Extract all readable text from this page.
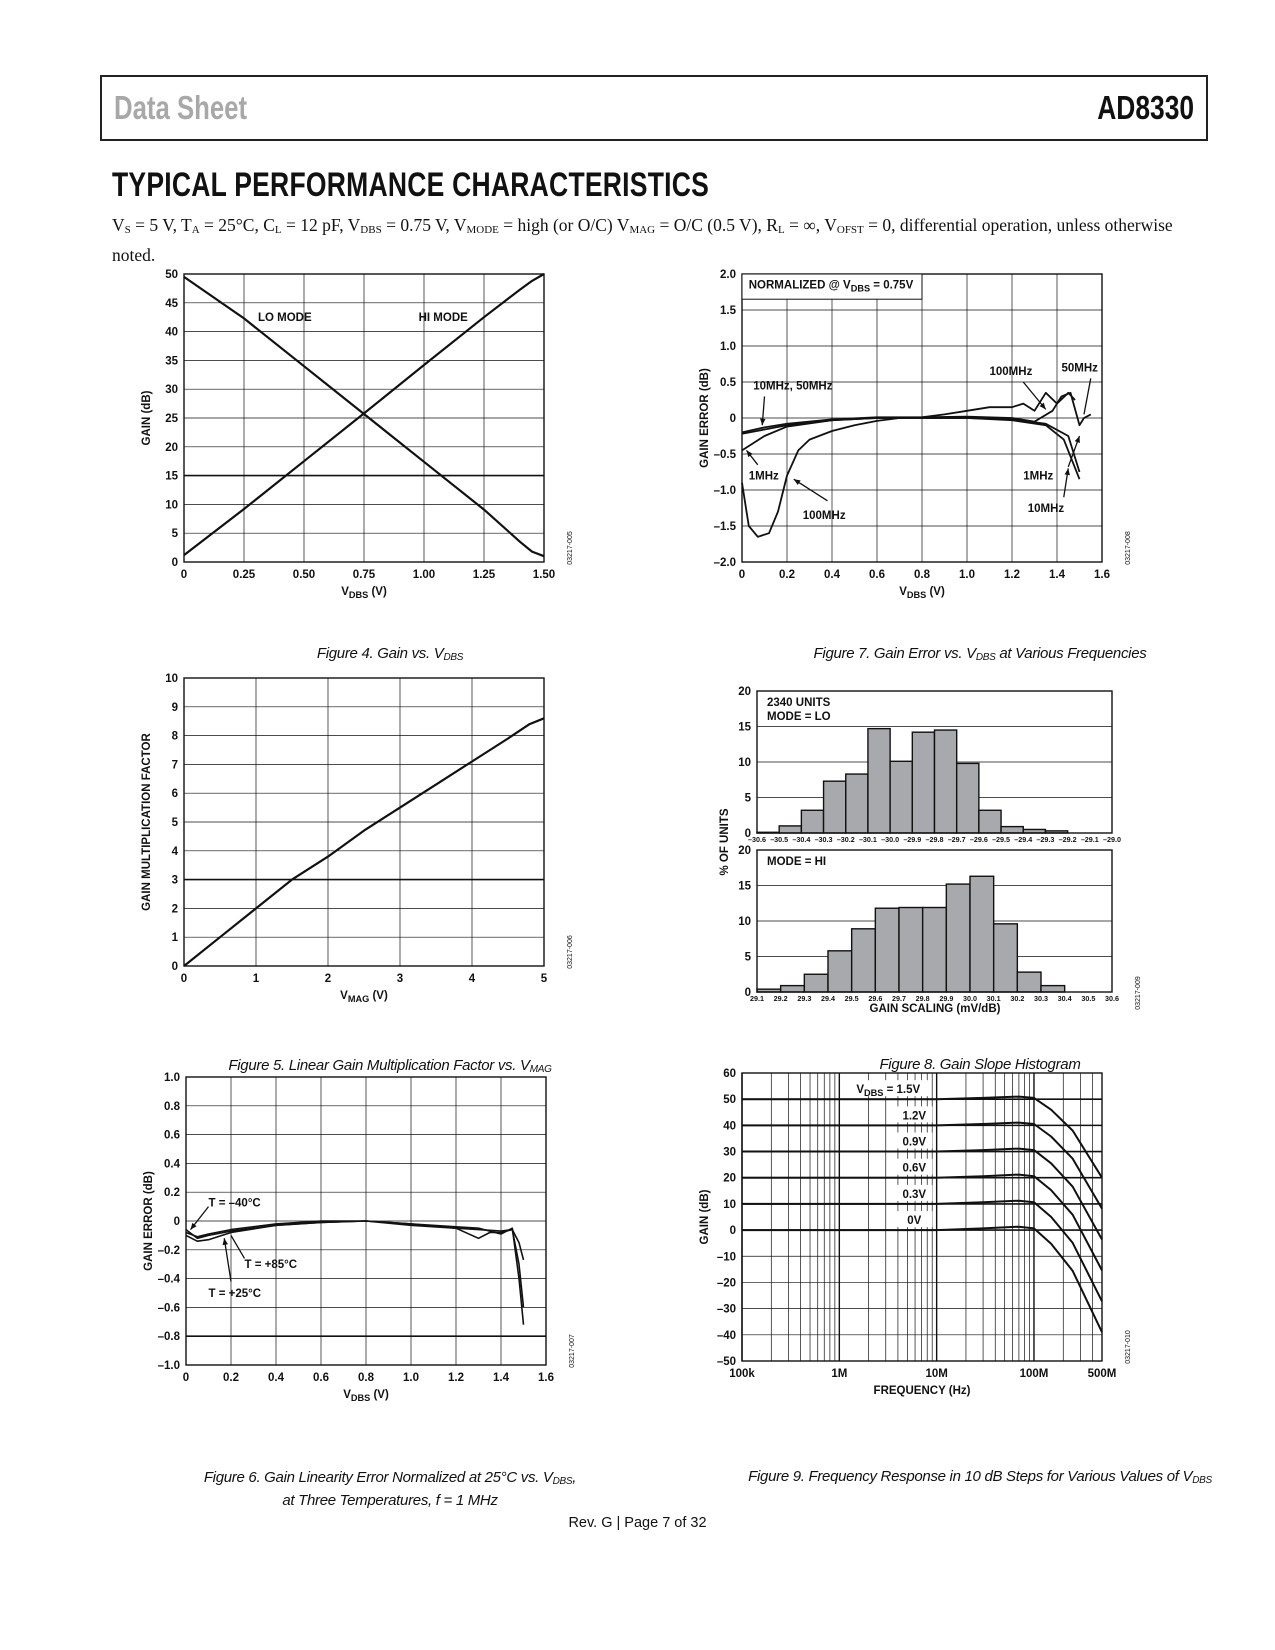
Data Sheet	AD8330
TYPICAL PERFORMANCE CHARACTERISTICS
$V_S = 5$ V, $T_A = 25^\circ C$, $C_L = 12$ pF, $V_{DBS} = 0.75$ V, $V_{MODE}$ = high (or O/C) $V_{MAG} = O/C$ (0.5 V), $R_L$ = ∞, $V_{OFST} = 0$, differential operation, unless otherwise noted.
0	0.25	0.50	0.75	1.00	1.25	1.50
0
5
10
15
20
25
30
35
40
45
50
$V_{DBS}$ (V)
GAIN (dB)
03217-005
LO MODE	HI MODE
0	1	2	3	4	5
0
1
2
3
4
5
6
7
8
9
10
$V_{MAG}$ (V)
GAIN MULTIPLICATION FACTOR
03217-006
0	0.2	0.4	0.6	0.8	1.0	1.2	1.4	1.6
–1.0
–0.8
–0.6
–0.4
–0.2
0
0.2
0.4
0.6
0.8
1.0
$V_{DBS}$ (V)
GAIN ERROR (dB)
03217-007
T = –40°C
T = +85°C
T = +25°C
0	0.2	0.4	0.6	0.8	1.0	1.2	1.4	1.6
–2.0
–1.5
–1.0
–0.5
0
0.5
1.0
1.5
2.0
$V_{DBS}$ (V)
GAIN ERROR (dB)
03217-008
NORMALIZED @ $V_{DBS} = 0.75V$
10MHz, 50MHz
1MHz
100MHz
100MHz	50MHz
1MHz
10MHz
0
5
10
15
20
–30.6 –30.5 –30.4 –30.3 –30.2 –30.1 –30.0 –29.9 –29.8 –29.7 –29.6 –29.5 –29.4 –29.3 –29.2 –29.1 –29.0
2340 UNITS
MODE = LO
0
5
10
15
20
29.1 29.2 29.3 29.4 29.5 29.6 29.7 29.8 29.9 30.0 30.1 30.2 30.3 30.4 30.5 30.6
MODE = HI
% OF UNITS
GAIN SCALING (mV/dB)	03217-009
100k	1M	10M	100M	500M
–50
–40
–30
–20
–10
0
10
20
30
40
50
60
FREQUENCY (Hz)
GAIN (dB)
03217-010
$V_{DBS} = 1.5V$
1.2V
0.9V
0.6V
0.3V
0V
Figure 4. Gain vs. $V_{DBS}$	Figure 7. Gain Error vs. $V_{DBS}$ at Various Frequencies
Figure 5. Linear Gain Multiplication Factor vs. $V_{MAG}$	Figure 8. Gain Slope Histogram
Figure 6. Gain Linearity Error Normalized at 25°C vs. $V_{DBS}$,
at Three Temperatures, f = 1 MHz
Figure 9. Frequency Response in 10 dB Steps for Various Values of $V_{DBS}$
Rev. G | Page 7 of 32
